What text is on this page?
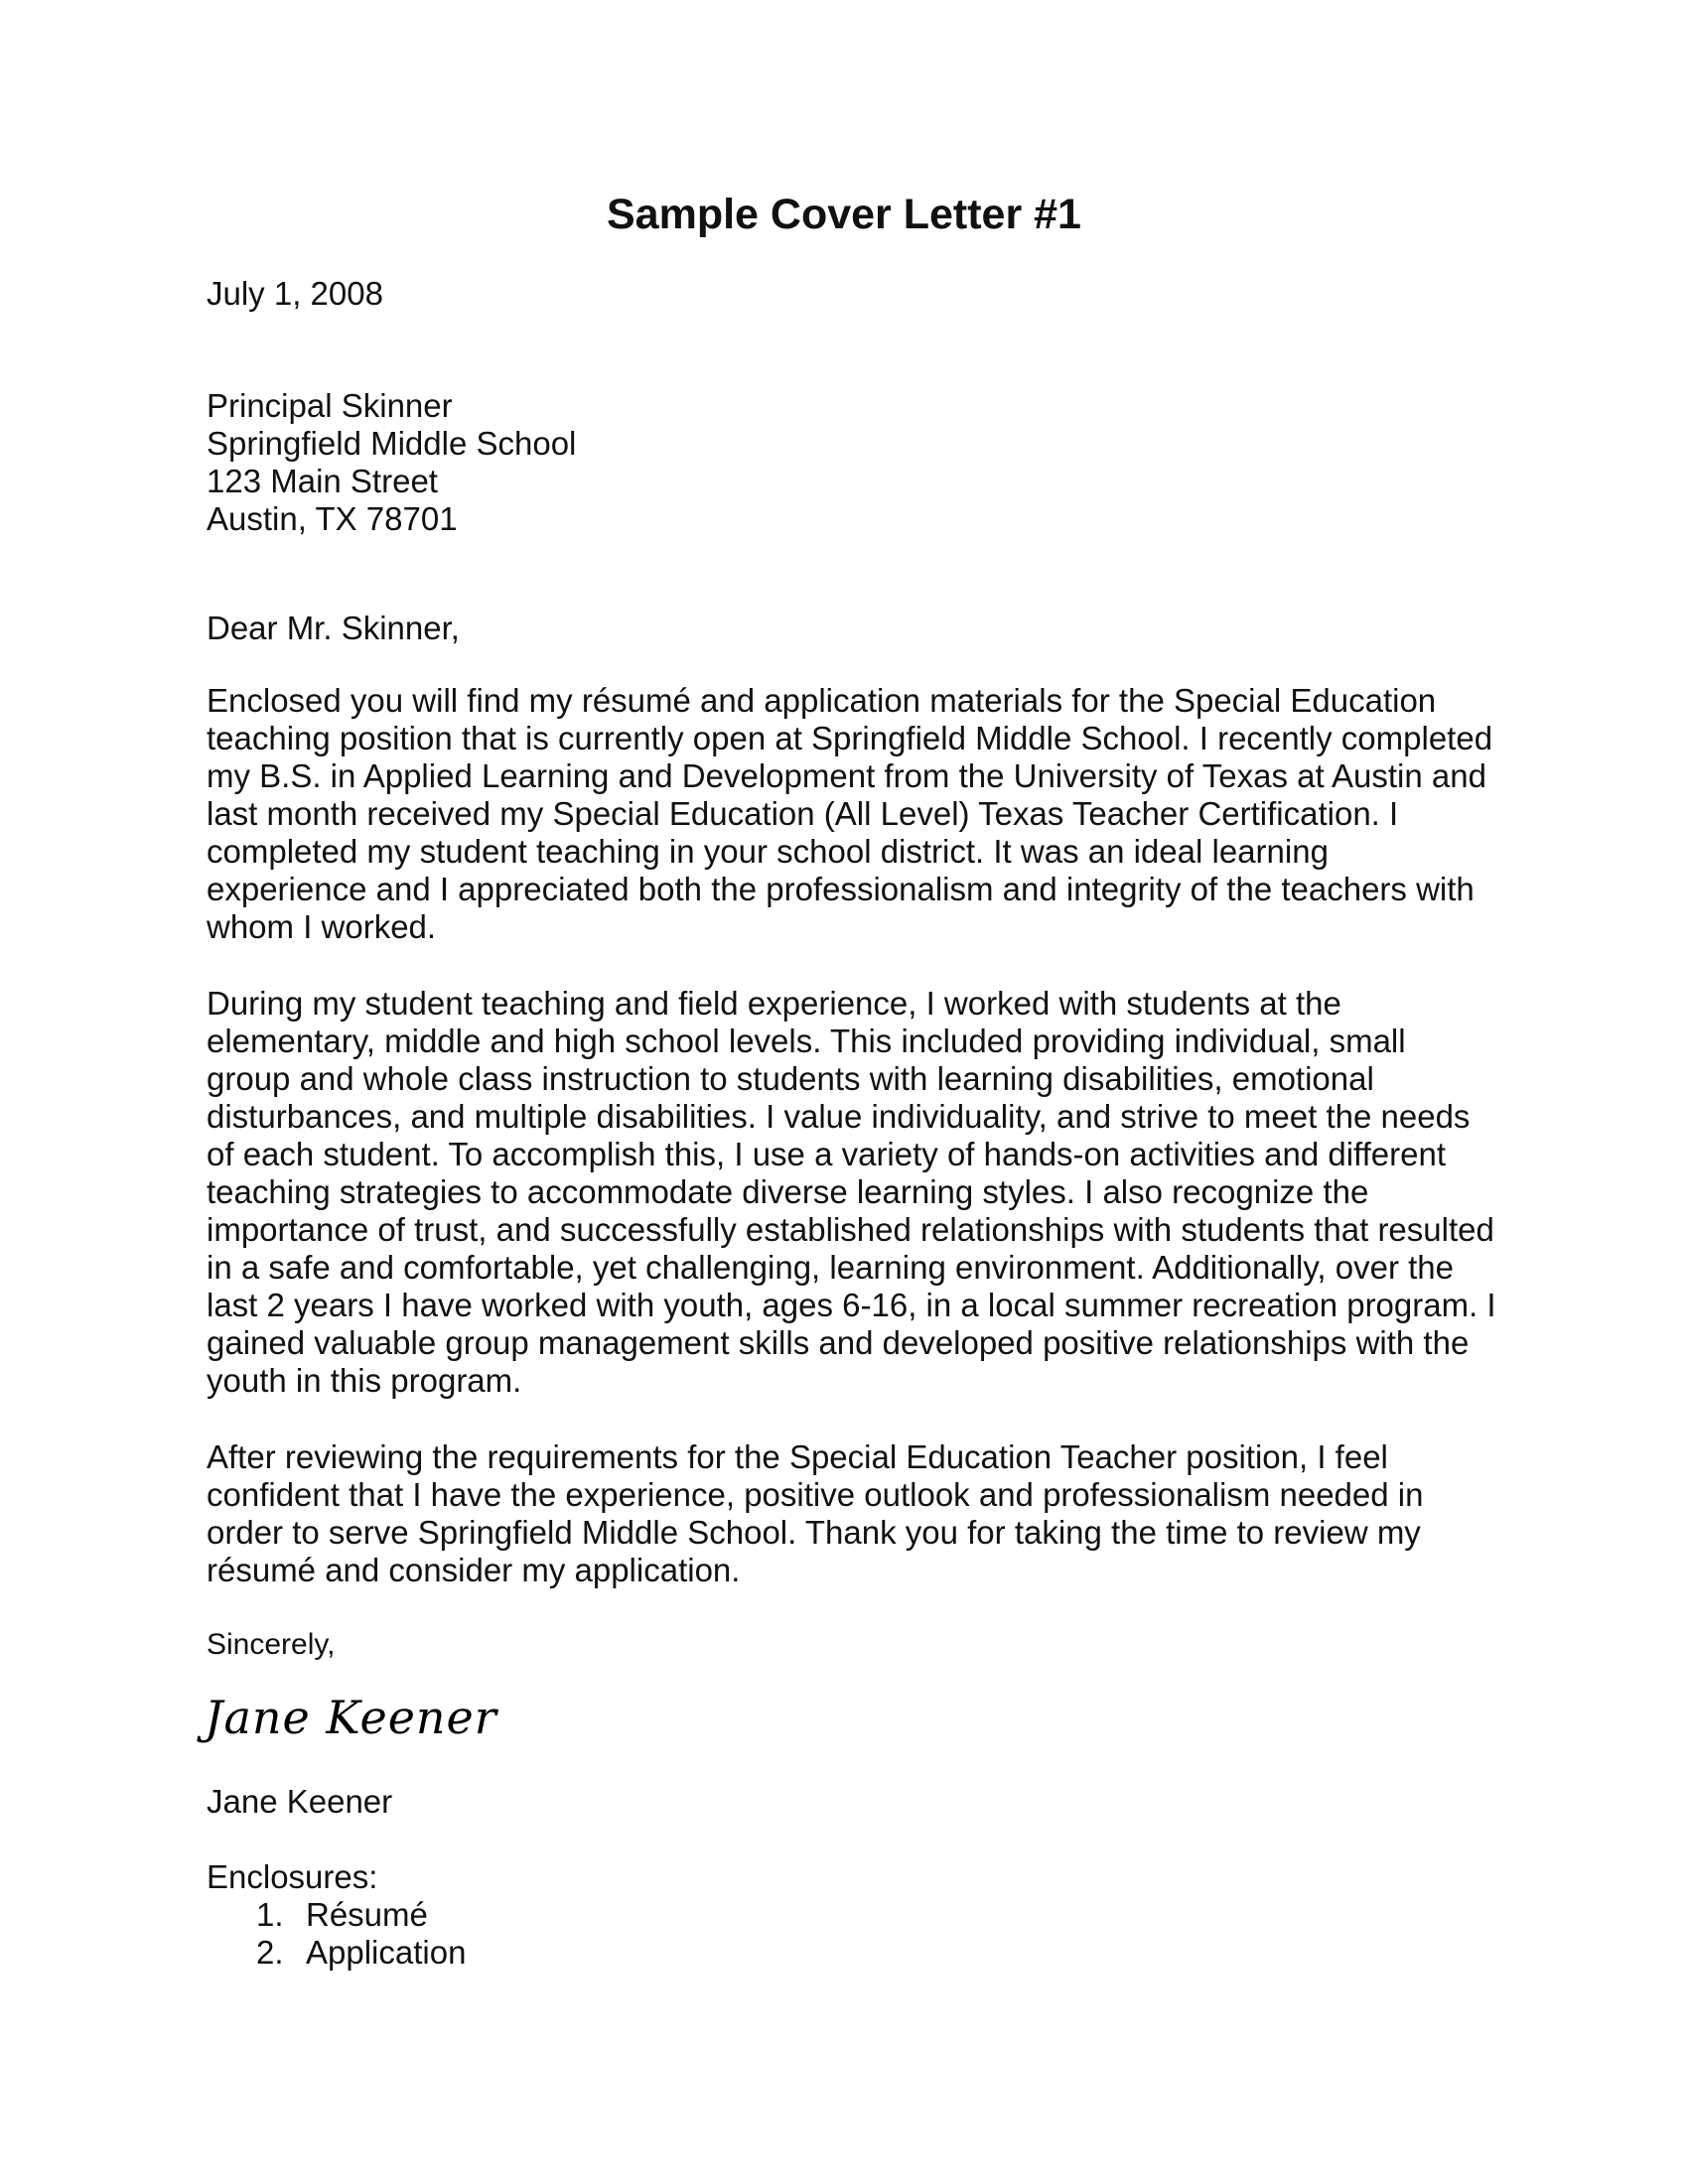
Sample Cover Letter #1

July 1, 2008

Principal Skinner
Springfield Middle School
123 Main Street
Austin, TX 78701

Dear Mr. Skinner,

Enclosed you will find my résumé and application materials for the Special Education teaching position that is currently open at Springfield Middle School. I recently completed my B.S. in Applied Learning and Development from the University of Texas at Austin and last month received my Special Education (All Level) Texas Teacher Certification. I completed my student teaching in your school district. It was an ideal learning experience and I appreciated both the professionalism and integrity of the teachers with whom I worked.

During my student teaching and field experience, I worked with students at the elementary, middle and high school levels. This included providing individual, small group and whole class instruction to students with learning disabilities, emotional disturbances, and multiple disabilities. I value individuality, and strive to meet the needs of each student. To accomplish this, I use a variety of hands-on activities and different teaching strategies to accommodate diverse learning styles. I also recognize the importance of trust, and successfully established relationships with students that resulted in a safe and comfortable, yet challenging, learning environment. Additionally, over the last 2 years I have worked with youth, ages 6-16, in a local summer recreation program. I gained valuable group management skills and developed positive relationships with the youth in this program.

After reviewing the requirements for the Special Education Teacher position, I feel confident that I have the experience, positive outlook and professionalism needed in order to serve Springfield Middle School. Thank you for taking the time to review my résumé and consider my application.

Sincerely,

Jane Keener

Jane Keener

Enclosures:

1. Résumé
2. Application
